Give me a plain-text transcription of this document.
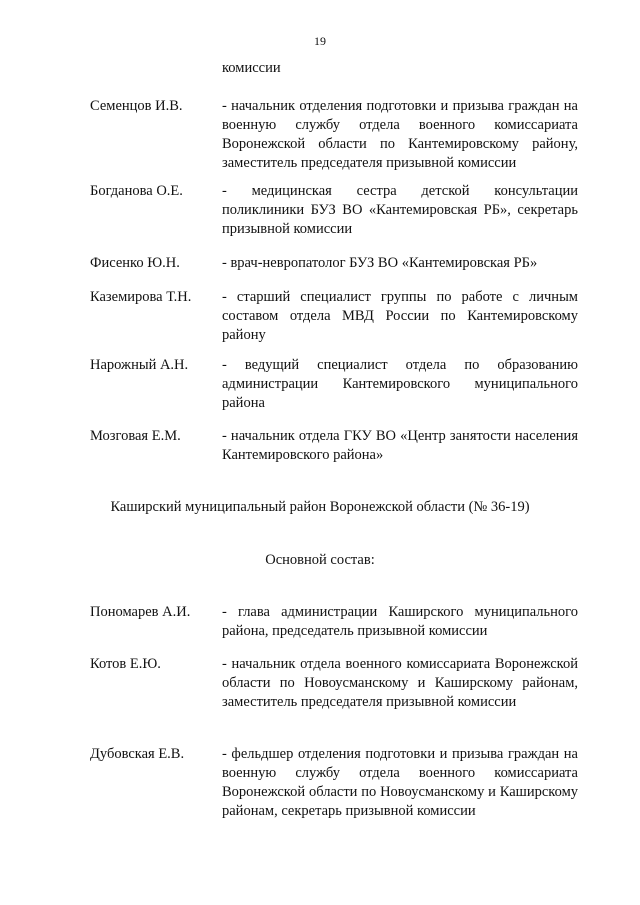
19
комиссии
Семенцов И.В.	- начальник отделения подготовки и призыва граждан на военную службу отдела военного комиссариата Воронежской области по Кантемировскому району, заместитель председателя призывной комиссии
Богданова О.Е.	- медицинская сестра детской консультации поликлиники БУЗ ВО «Кантемировская РБ», секретарь призывной комиссии
Фисенко Ю.Н.	- врач-невропатолог БУЗ ВО «Кантемировская РБ»
Каземирова Т.Н. - старший специалист группы по работе с личным составом отдела МВД России по Кантемировскому району
Нарожный А.Н. - ведущий специалист отдела по образованию администрации Кантемировского муниципального района
Мозговая Е.М.	- начальник отдела ГКУ ВО «Центр занятости населения Кантемировского района»
Каширский муниципальный район Воронежской области (№ 36-19)
Основной состав:
Пономарев А.И. - глава администрации Каширского муниципального района, председатель призывной комиссии
Котов Е.Ю.	- начальник отдела военного комиссариата Воронежской области по Новоусманскому и Каширскому районам, заместитель председателя призывной комиссии
Дубовская Е.В.	- фельдшер отделения подготовки и призыва граждан на военную службу отдела военного комиссариата Воронежской области по Новоусманскому и Каширскому районам, секретарь призывной комиссии
